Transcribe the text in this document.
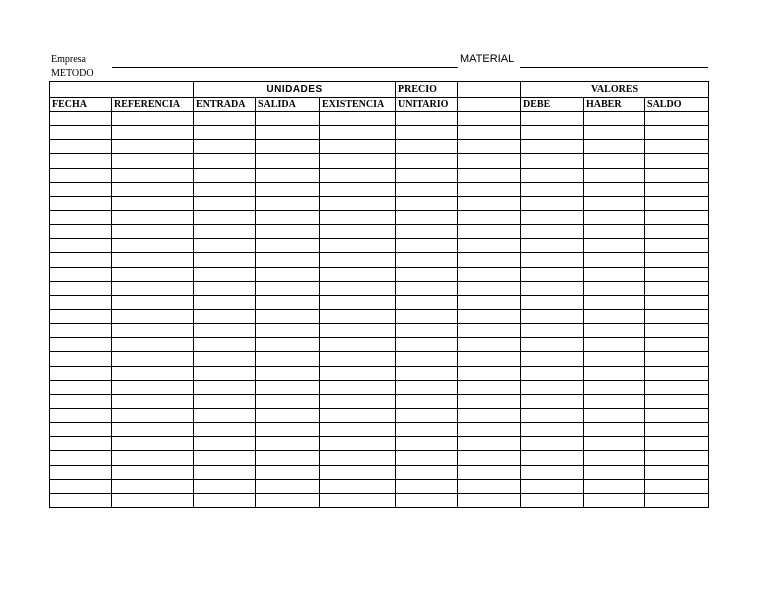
Empresa	MATERIAL
METODO
		UNIDADES			PRECIO		VALORES		
FECHA	REFERENCIA	ENTRADA	SALIDA	EXISTENCIA	UNITARIO		DEBE	HABER	SALDO
